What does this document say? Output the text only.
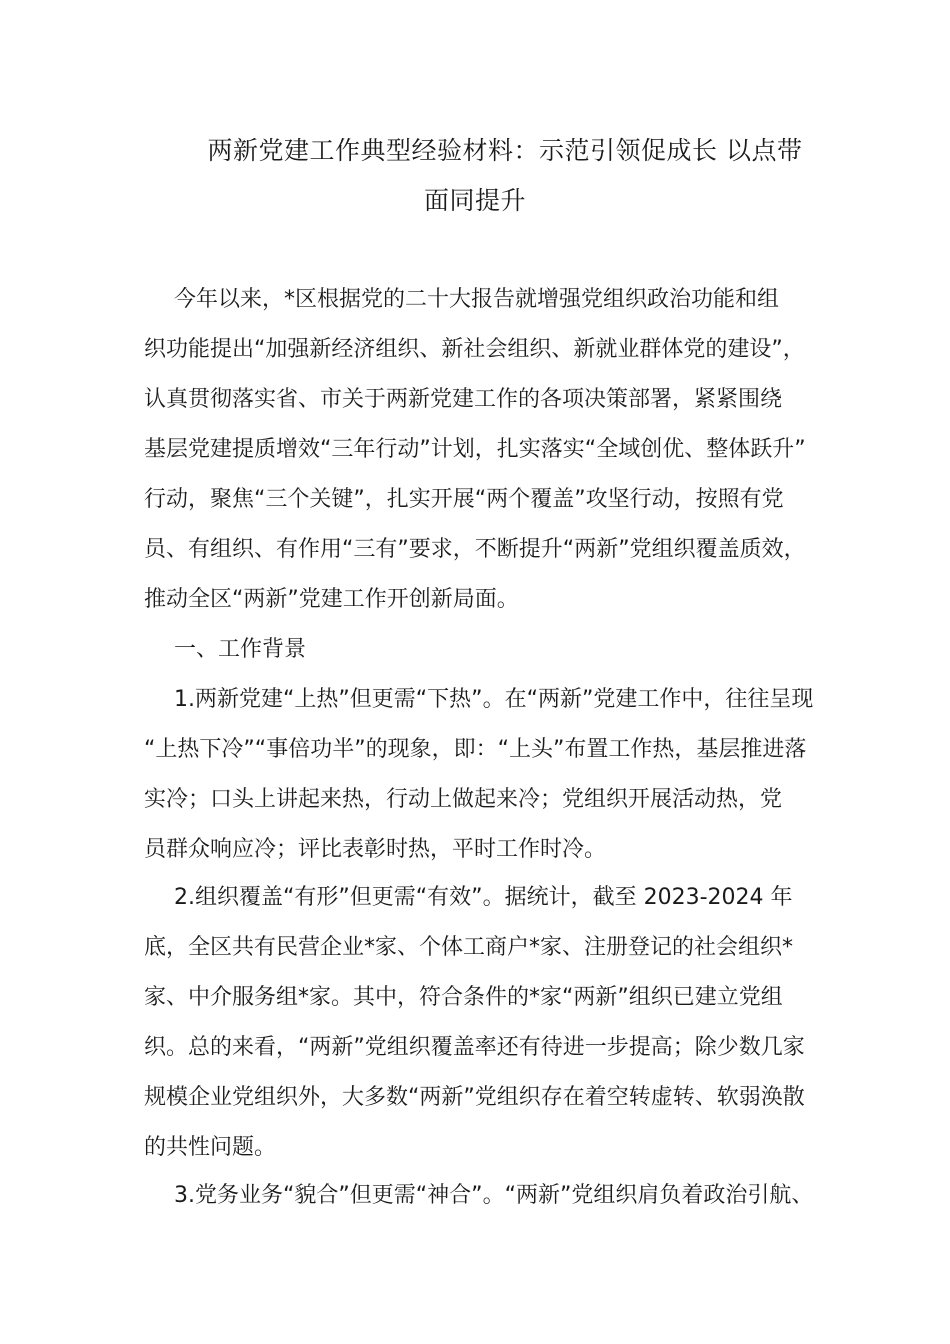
两新党建工作典型经验材料：示范引领促成长 以点带
面同提升
今年以来，*区根据党的二十大报告就增强党组织政治功能和组
织功能提出“加强新经济组织、新社会组织、新就业群体党的建设”，
认真贯彻落实省、市关于两新党建工作的各项决策部署，紧紧围绕
基层党建提质增效“三年行动”计划，扎实落实“全域创优、整体跃升”
行动，聚焦“三个关键”，扎实开展“两个覆盖”攻坚行动，按照有党
员、有组织、有作用“三有”要求，不断提升“两新”党组织覆盖质效，
推动全区“两新”党建工作开创新局面。
一、工作背景
1.两新党建“上热”但更需“下热”。在“两新”党建工作中，往往呈现
“上热下冷”“事倍功半”的现象，即：“上头”布置工作热，基层推进落
实冷；口头上讲起来热，行动上做起来冷；党组织开展活动热，党
员群众响应冷；评比表彰时热，平时工作时冷。
2.组织覆盖“有形”但更需“有效”。据统计，截至 2023-2024 年
底，全区共有民营企业*家、个体工商户*家、注册登记的社会组织*
家、中介服务组*家。其中，符合条件的*家“两新”组织已建立党组
织。总的来看，“两新”党组织覆盖率还有待进一步提高；除少数几家
规模企业党组织外，大多数“两新”党组织存在着空转虚转、软弱涣散
的共性问题。
3.党务业务“貌合”但更需“神合”。“两新”党组织肩负着政治引航、
